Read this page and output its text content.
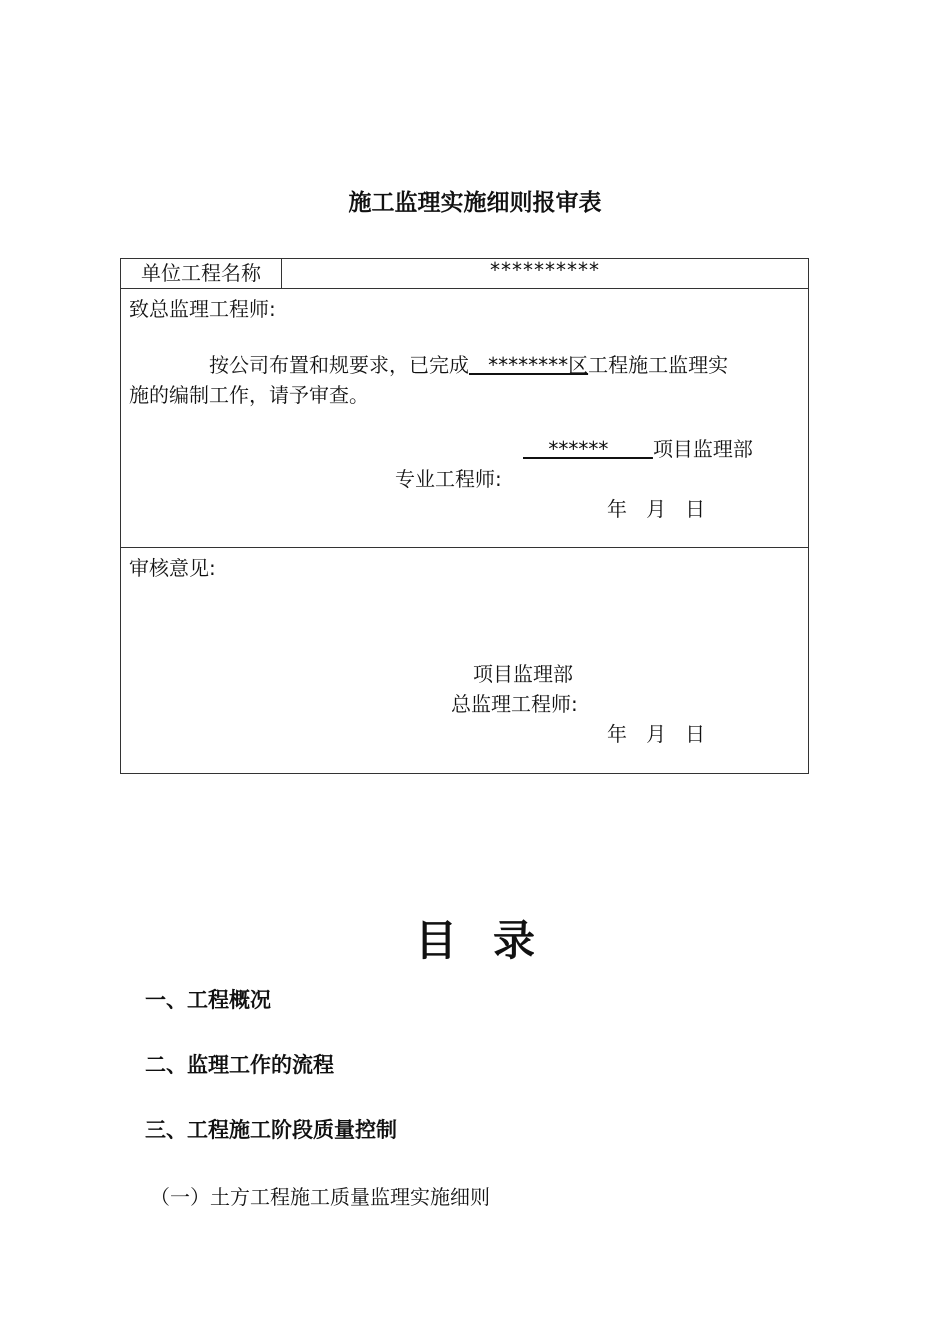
施工监理实施细则报审表
单位工程名称	**********

致总监理工程师:
按公司布置和规要求，已完成   ********区工程施工监理实
施的编制工作，请予审查。
******       项目监理部
专业工程师:
年   月   日

审核意见:
项目监理部
总监理工程师:
年   月   日
目录
一、工程概况
二、监理工作的流程
三、工程施工阶段质量控制
（一）土方工程施工质量监理实施细则
